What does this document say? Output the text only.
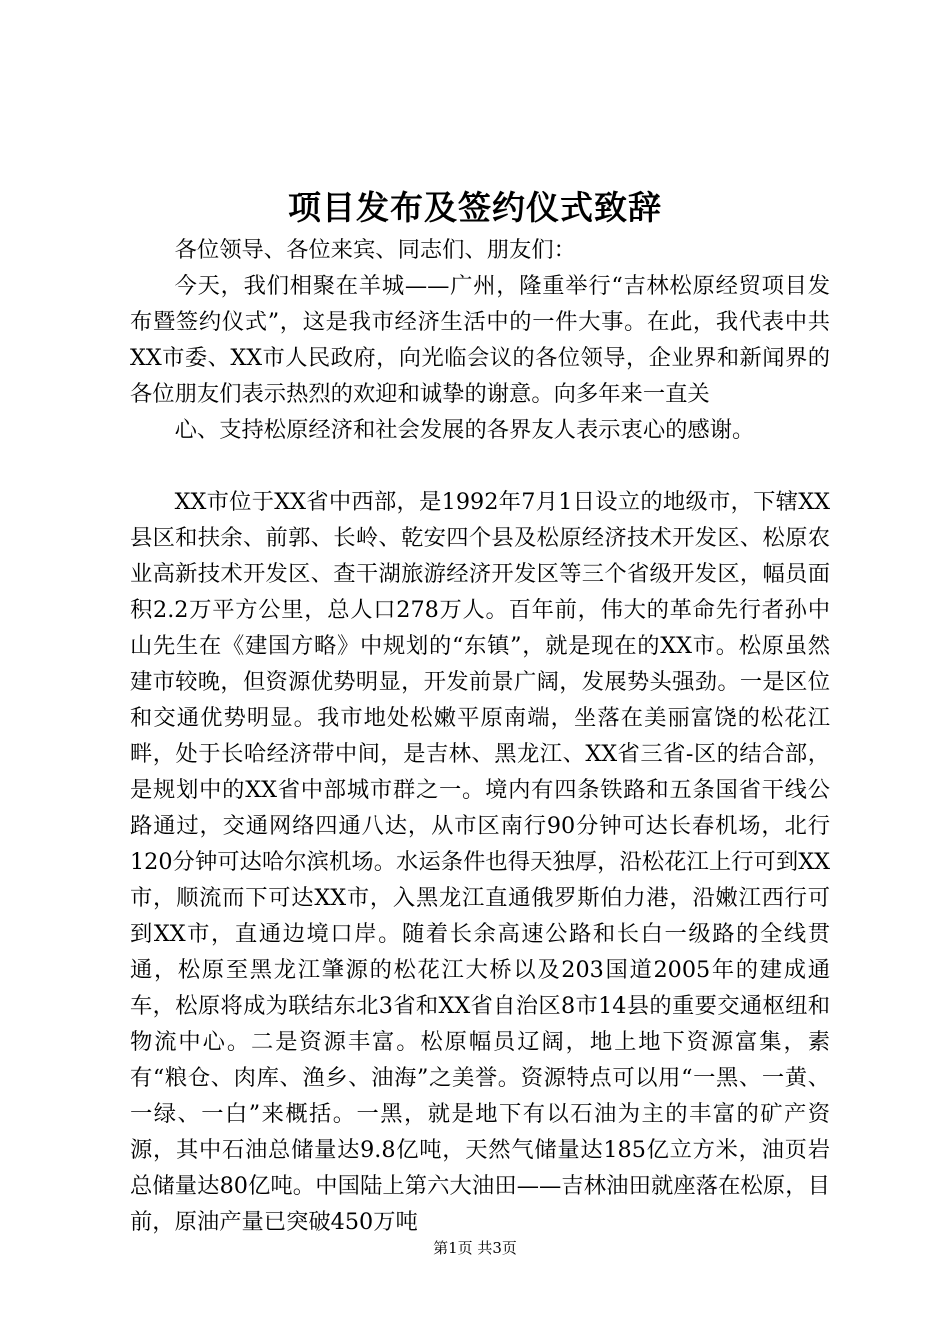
项目发布及签约仪式致辞

各位领导、各位来宾、同志们、朋友们：

今天，我们相聚在羊城——广州，隆重举行“吉林松原经贸项目发布暨签约仪式”，这是我市经济生活中的一件大事。在此，我代表中共XX市委、XX市人民政府，向光临会议的各位领导，企业界和新闻界的各位朋友们表示热烈的欢迎和诚挚的谢意。向多年来一直关

心、支持松原经济和社会发展的各界友人表示衷心的感谢。

XX市位于XX省中西部，是1992年7月1日设立的地级市，下辖XX县区和扶余、前郭、长岭、乾安四个县及松原经济技术开发区、松原农业高新技术开发区、查干湖旅游经济开发区等三个省级开发区，幅员面积2.2万平方公里，总人口278万人。百年前，伟大的革命先行者孙中山先生在《建国方略》中规划的“东镇”，就是现在的XX市。松原虽然建市较晚，但资源优势明显，开发前景广阔，发展势头强劲。一是区位和交通优势明显。我市地处松嫩平原南端，坐落在美丽富饶的松花江畔，处于长哈经济带中间，是吉林、黑龙江、XX省三省-区的结合部，是规划中的XX省中部城市群之一。境内有四条铁路和五条国省干线公路通过，交通网络四通八达，从市区南行90分钟可达长春机场，北行120分钟可达哈尔滨机场。水运条件也得天独厚，沿松花江上行可到XX市，顺流而下可达XX市，入黑龙江直通俄罗斯伯力港，沿嫩江西行可到XX市，直通边境口岸。随着长余高速公路和长白一级路的全线贯通，松原至黑龙江肇源的松花江大桥以及203国道2005年的建成通车，松原将成为联结东北3省和XX省自治区8市14县的重要交通枢纽和物流中心。二是资源丰富。松原幅员辽阔，地上地下资源富集，素有“粮仓、肉库、渔乡、油海”之美誉。资源特点可以用“一黑、一黄、一绿、一白”来概括。一黑，就是地下有以石油为主的丰富的矿产资源，其中石油总储量达9.8亿吨，天然气储量达185亿立方米，油页岩总储量达80亿吨。中国陆上第六大油田——吉林油田就座落在松原，目前，原油产量已突破450万吨

第1页 共3页
